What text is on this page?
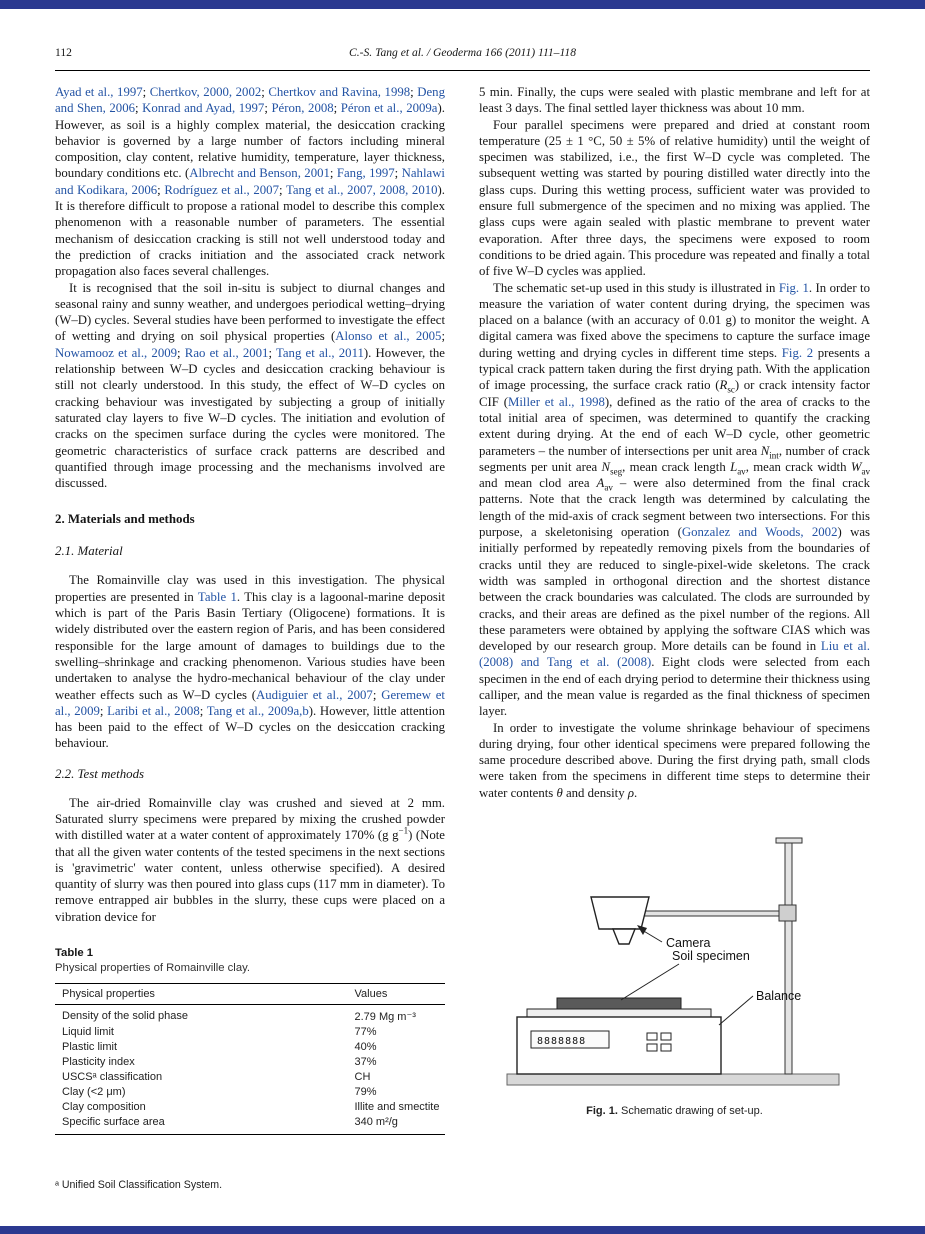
112	C.-S. Tang et al. / Geoderma 166 (2011) 111–118

Ayad et al., 1997; Chertkov, 2000, 2002; Chertkov and Ravina, 1998; Deng and Shen, 2006; Konrad and Ayad, 1997; Péron, 2008; Péron et al., 2009a). However, as soil is a highly complex material, the desiccation cracking behavior is governed by a large number of factors including mineral composition, clay content, relative humidity, temperature, layer thickness, boundary conditions etc. (Albrecht and Benson, 2001; Fang, 1997; Nahlawi and Kodikara, 2006; Rodríguez et al., 2007; Tang et al., 2007, 2008, 2010). It is therefore difficult to propose a rational model to describe this complex phenomenon with a reasonable number of parameters. The essential mechanism of desiccation cracking is still not well understood today and the prediction of cracks initiation and the associated crack network propagation also faces several challenges.

It is recognised that the soil in-situ is subject to diurnal changes and seasonal rainy and sunny weather, and undergoes periodical wetting–drying (W–D) cycles. Several studies have been performed to investigate the effect of wetting and drying on soil physical properties (Alonso et al., 2005; Nowamooz et al., 2009; Rao et al., 2001; Tang et al., 2011). However, the relationship between W–D cycles and desiccation cracking behaviour is still not clearly understood. In this study, the effect of W–D cycles on cracking behaviour was investigated by subjecting a group of initially saturated clay layers to five W–D cycles. The initiation and evolution of cracks on the specimen surface during the cycles were monitored. The geometric characteristics of surface crack patterns are described and quantified through image processing and the mechanisms involved are discussed.

2. Materials and methods
2.1. Material

The Romainville clay was used in this investigation. The physical properties are presented in Table 1. This clay is a lagoonal-marine deposit which is part of the Paris Basin Tertiary (Oligocene) formations. It is widely distributed over the eastern region of Paris, and has been considered responsible for the large amount of damages to buildings due to the swelling–shrinkage and cracking phenomenon. Various studies have been undertaken to analyse the hydro-mechanical behaviour of the clay under weather effects such as W–D cycles (Audiguier et al., 2007; Geremew et al., 2009; Laribi et al., 2008; Tang et al., 2009a,b). However, little attention has been paid to the effect of W–D cycles on the desiccation cracking behaviour.

2.2. Test methods

The air-dried Romainville clay was crushed and sieved at 2 mm. Saturated slurry specimens were prepared by mixing the crushed powder with distilled water at a water content of approximately 170% (g $g^{-1}$) (Note that all the given water contents of the tested specimens in the next sections is 'gravimetric' water content, unless otherwise specified). A desired quantity of slurry was then poured into glass cups (117 mm in diameter). To remove entrapped air bubbles in the slurry, these cups were placed on a vibration device for

Table 1
Physical properties of Romainville clay.
Physical properties	Values
Density of the solid phase	2.79 Mg m⁻³
Liquid limit	77%
Plastic limit	40%
Plasticity index	37%
USCSᵃ classification	CH
Clay (<2 μm)	79%
Clay composition	Illite and smectite
Specific surface area	340 m²/g
ᵃ Unified Soil Classification System.

5 min. Finally, the cups were sealed with plastic membrane and left for at least 3 days. The final settled layer thickness was about 10 mm.

Four parallel specimens were prepared and dried at constant room temperature (25 ± 1 °C, 50 ± 5% of relative humidity) until the weight of specimen was stabilized, i.e., the first W–D cycle was completed. The subsequent wetting was started by pouring distilled water directly into the glass cups. During this wetting process, sufficient water was provided to ensure full submergence of the specimen and no mixing was applied. The glass cups were again sealed with plastic membrane to prevent water evaporation. After three days, the specimens were exposed to room conditions to be dried again. This procedure was repeated and finally a total of five W–D cycles was applied.

The schematic set-up used in this study is illustrated in Fig. 1. In order to measure the variation of water content during drying, the specimen was placed on a balance (with an accuracy of 0.01 g) to monitor the weight. A digital camera was fixed above the specimens to capture the surface image during wetting and drying cycles in different time steps. Fig. 2 presents a typical crack pattern taken during the first drying path. With the application of image processing, the surface crack ratio $(R_{sc})$ or crack intensity factor CIF (Miller et al., 1998), defined as the ratio of the area of cracks to the total initial area of specimen, was determined to quantify the cracking extent during drying. At the end of each W–D cycle, other geometric parameters – the number of intersections per unit area $N_{int}$, number of crack segments per unit area $N_{seg}$, mean crack length $L_{av}$, mean crack width $W_{av}$ and mean clod area $A_{av}$ – were also determined from the final crack patterns. Note that the crack length was determined by calculating the length of the mid-axis of crack segment between two intersections. For this purpose, a skeletonising operation (Gonzalez and Woods, 2002) was initially performed by repeatedly removing pixels from the boundaries of cracks until they are reduced to single-pixel-wide skeletons. The crack width was sampled in orthogonal direction and the shortest distance between the crack boundaries was calculated. The clods are surrounded by cracks, and their areas are defined as the pixel number of the regions. All these parameters were obtained by applying the software CIAS which was developed by our research group. More details can be found in Liu et al. (2008) and Tang et al. (2008). Eight clods were selected from each specimen in the end of each drying period to determine their thickness using calliper, and the mean value is regarded as the final thickness of specimen layer.

In order to investigate the volume shrinkage behaviour of specimens during drying, four other identical specimens were prepared following the same procedure described above. During the first drying path, small clods were taken from the specimens in different time steps to determine their water contents θ and density ρ.

Camera
Soil specimen
8888888
Balance
Fig. 1. Schematic drawing of set-up.
